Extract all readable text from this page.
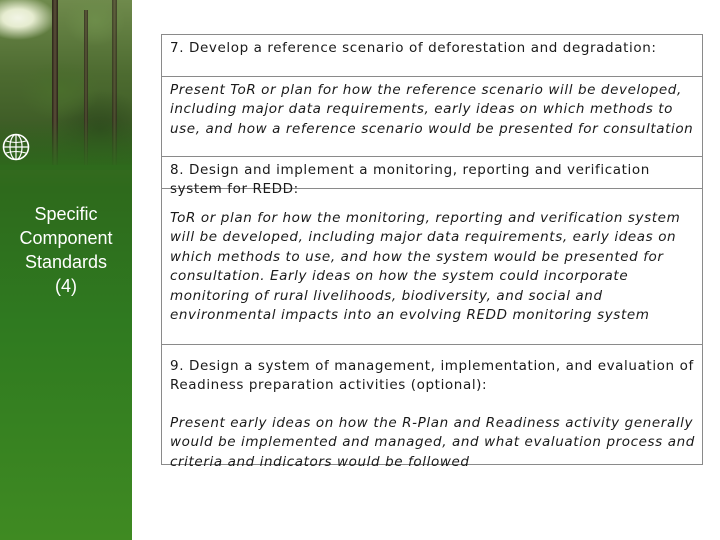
Specific
Component
Standards
(4)
7. Develop a reference scenario of deforestation and degradation:
Present ToR or plan for how the reference scenario will be developed, including major data requirements, early ideas on which methods to use, and how a reference scenario would be presented for consultation
8. Design and implement a monitoring, reporting and verification system for REDD:
ToR or plan for how the monitoring, reporting and verification system will be developed, including major data requirements, early ideas on which methods to use, and how the system would be presented for consultation. Early ideas on how the system could incorporate monitoring of rural livelihoods, biodiversity, and social and environmental impacts into an evolving REDD monitoring system
9. Design a system of management, implementation, and evaluation of Readiness preparation activities (optional):
Present early ideas on how the R-Plan and Readiness activity generally would be implemented and managed, and what evaluation process and criteria and indicators would be followed
